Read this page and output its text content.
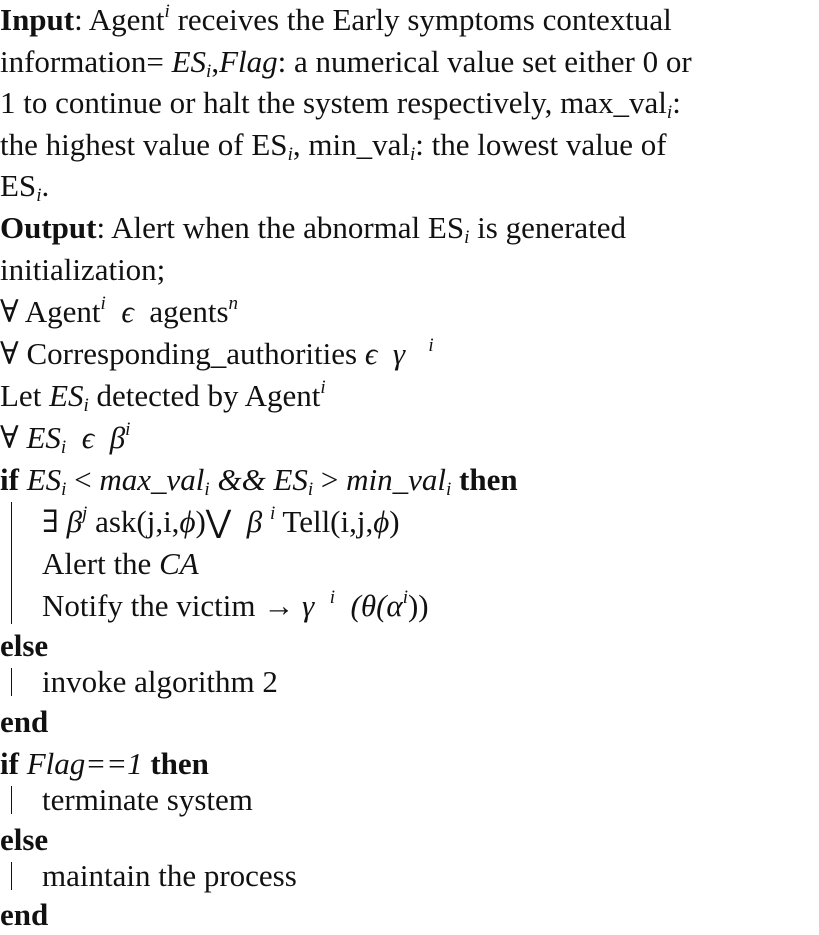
Input: Agent$^i$ receives the Early symptoms contextual
information= $ES_i,Flag$: a numerical value set either 0 or
1 to continue or halt the system respectively, max_val$_i$:
the highest value of $ES_i$, min_val$_i$: the lowest value of
$ES_i$.
Output: Alert when the abnormal $ES_i$ is generated
initialization;
∀ Agent$^i$ ϵ agents$^n$
∀ Corresponding_authorities ϵ γ $^i$
Let $ES_i$ detected by Agent$^i$
∀ $ES_i$ ϵ $\beta^i$
if $ES_i$ < max_val$_i$ && $ES_i$ > min_val$_i$ then
∃ $\beta^j$ ask(j,i,ϕ)⋁  β $^i$ Tell(i,j,ϕ)
Alert the CA
Notify the victim → γ $^i$  $(\theta(\alpha^i))$
else
invoke algorithm 2
end
if Flag==1 then
terminate system
else
maintain the process
end
